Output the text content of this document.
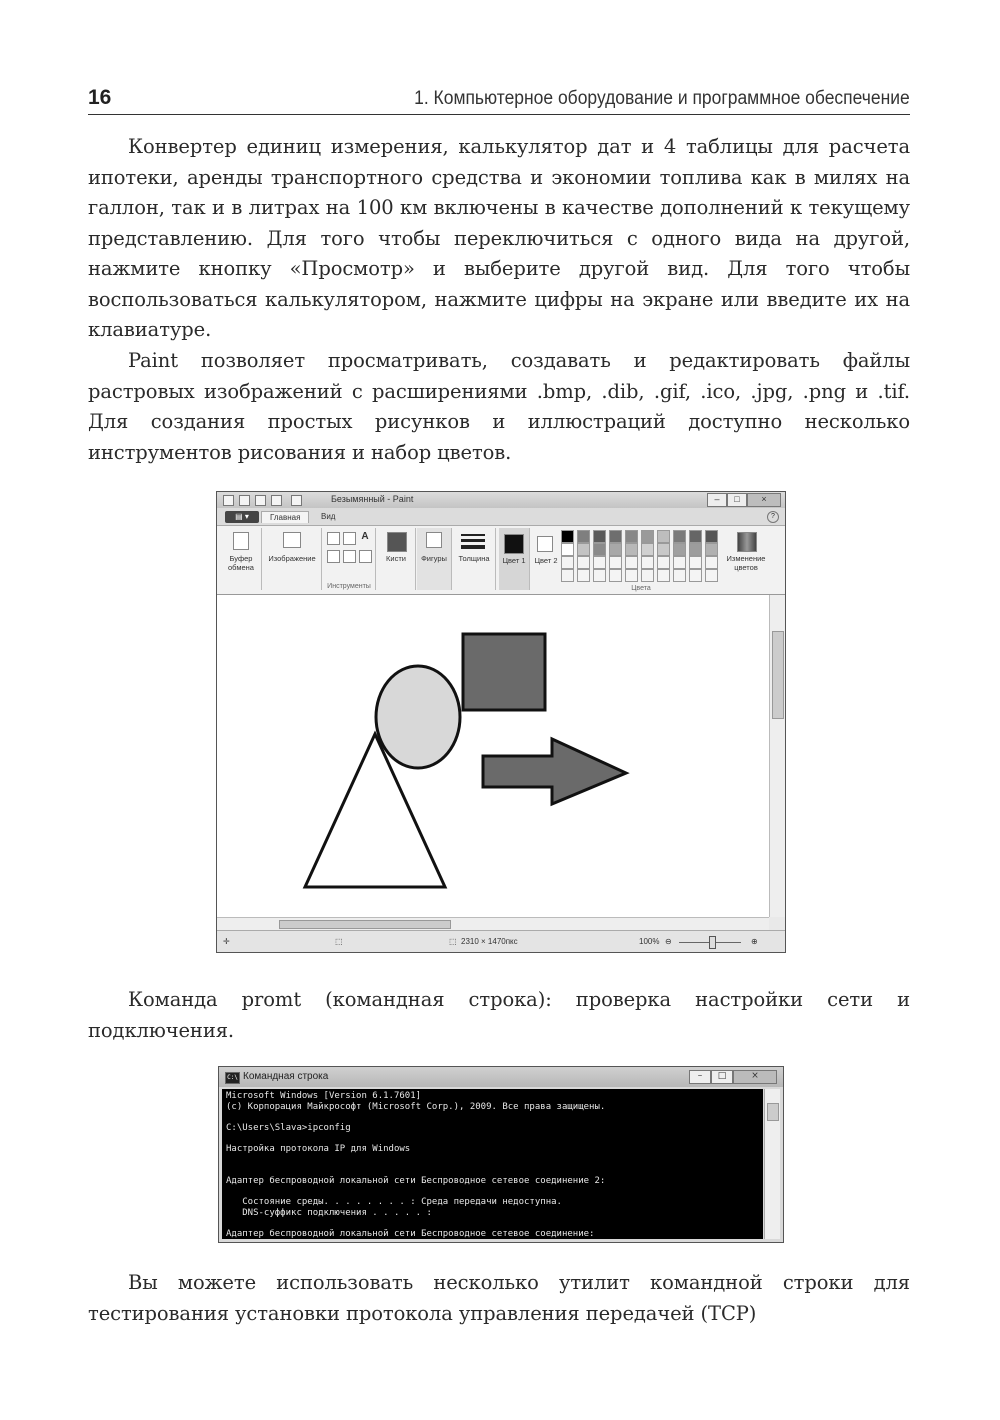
16	1. Компьютерное оборудование и программное обеспечение

Конвертер единиц измерения, калькулятор дат и 4 таблицы для расчета ипотеки, аренды транспортного средства и экономии топлива как в милях на галлон, так и в литрах на 100 км включены в качестве дополнений к текущему представлению. Для того чтобы переключиться с одного вида на другой, нажмите кнопку «Просмотр» и выберите другой вид. Для того чтобы воспользоваться калькулятором, нажмите цифры на экране или введите их на клавиатуре.

Paint позволяет просматривать, создавать и редактировать файлы растровых изображений с расширениями .bmp, .dib, .gif, .ico, .jpg, .png и .tif. Для создания простых рисунков и иллюстраций доступно несколько инструментов рисования и набор цветов.

Безымянный - Paint	–	□	×
▤ ▾	Главная	Вид	?
Буфер обмена
Изображение
A
Инструменты
Кисти	Фигуры	Толщина	Цвет 1	Цвет 2
Цвета
Изменение цветов
✛	⬚	⬚ 2310 × 1470пкс	100% ⊖	⊕

Команда promt (командная строка): проверка настройки сети и подключения.

C:\ Командная строка	–	□	×
Microsoft Windows [Version 6.1.7601]
(c) Корпорация Майкрософт (Microsoft Corp.), 2009. Все права защищены.
C:\Users\Slava>ipconfig
Настройка протокола IP для Windows
Адаптер беспроводной локальной сети Беспроводное сетевое соединение 2:
Состояние среды. . . . . . . . : Среда передачи недоступна.
DNS-суффикс подключения . . . . . :
Адаптер беспроводной локальной сети Беспроводное сетевое соединение:

Вы можете использовать несколько утилит командной строки для тестирования установки протокола управления передачей (TCP)
